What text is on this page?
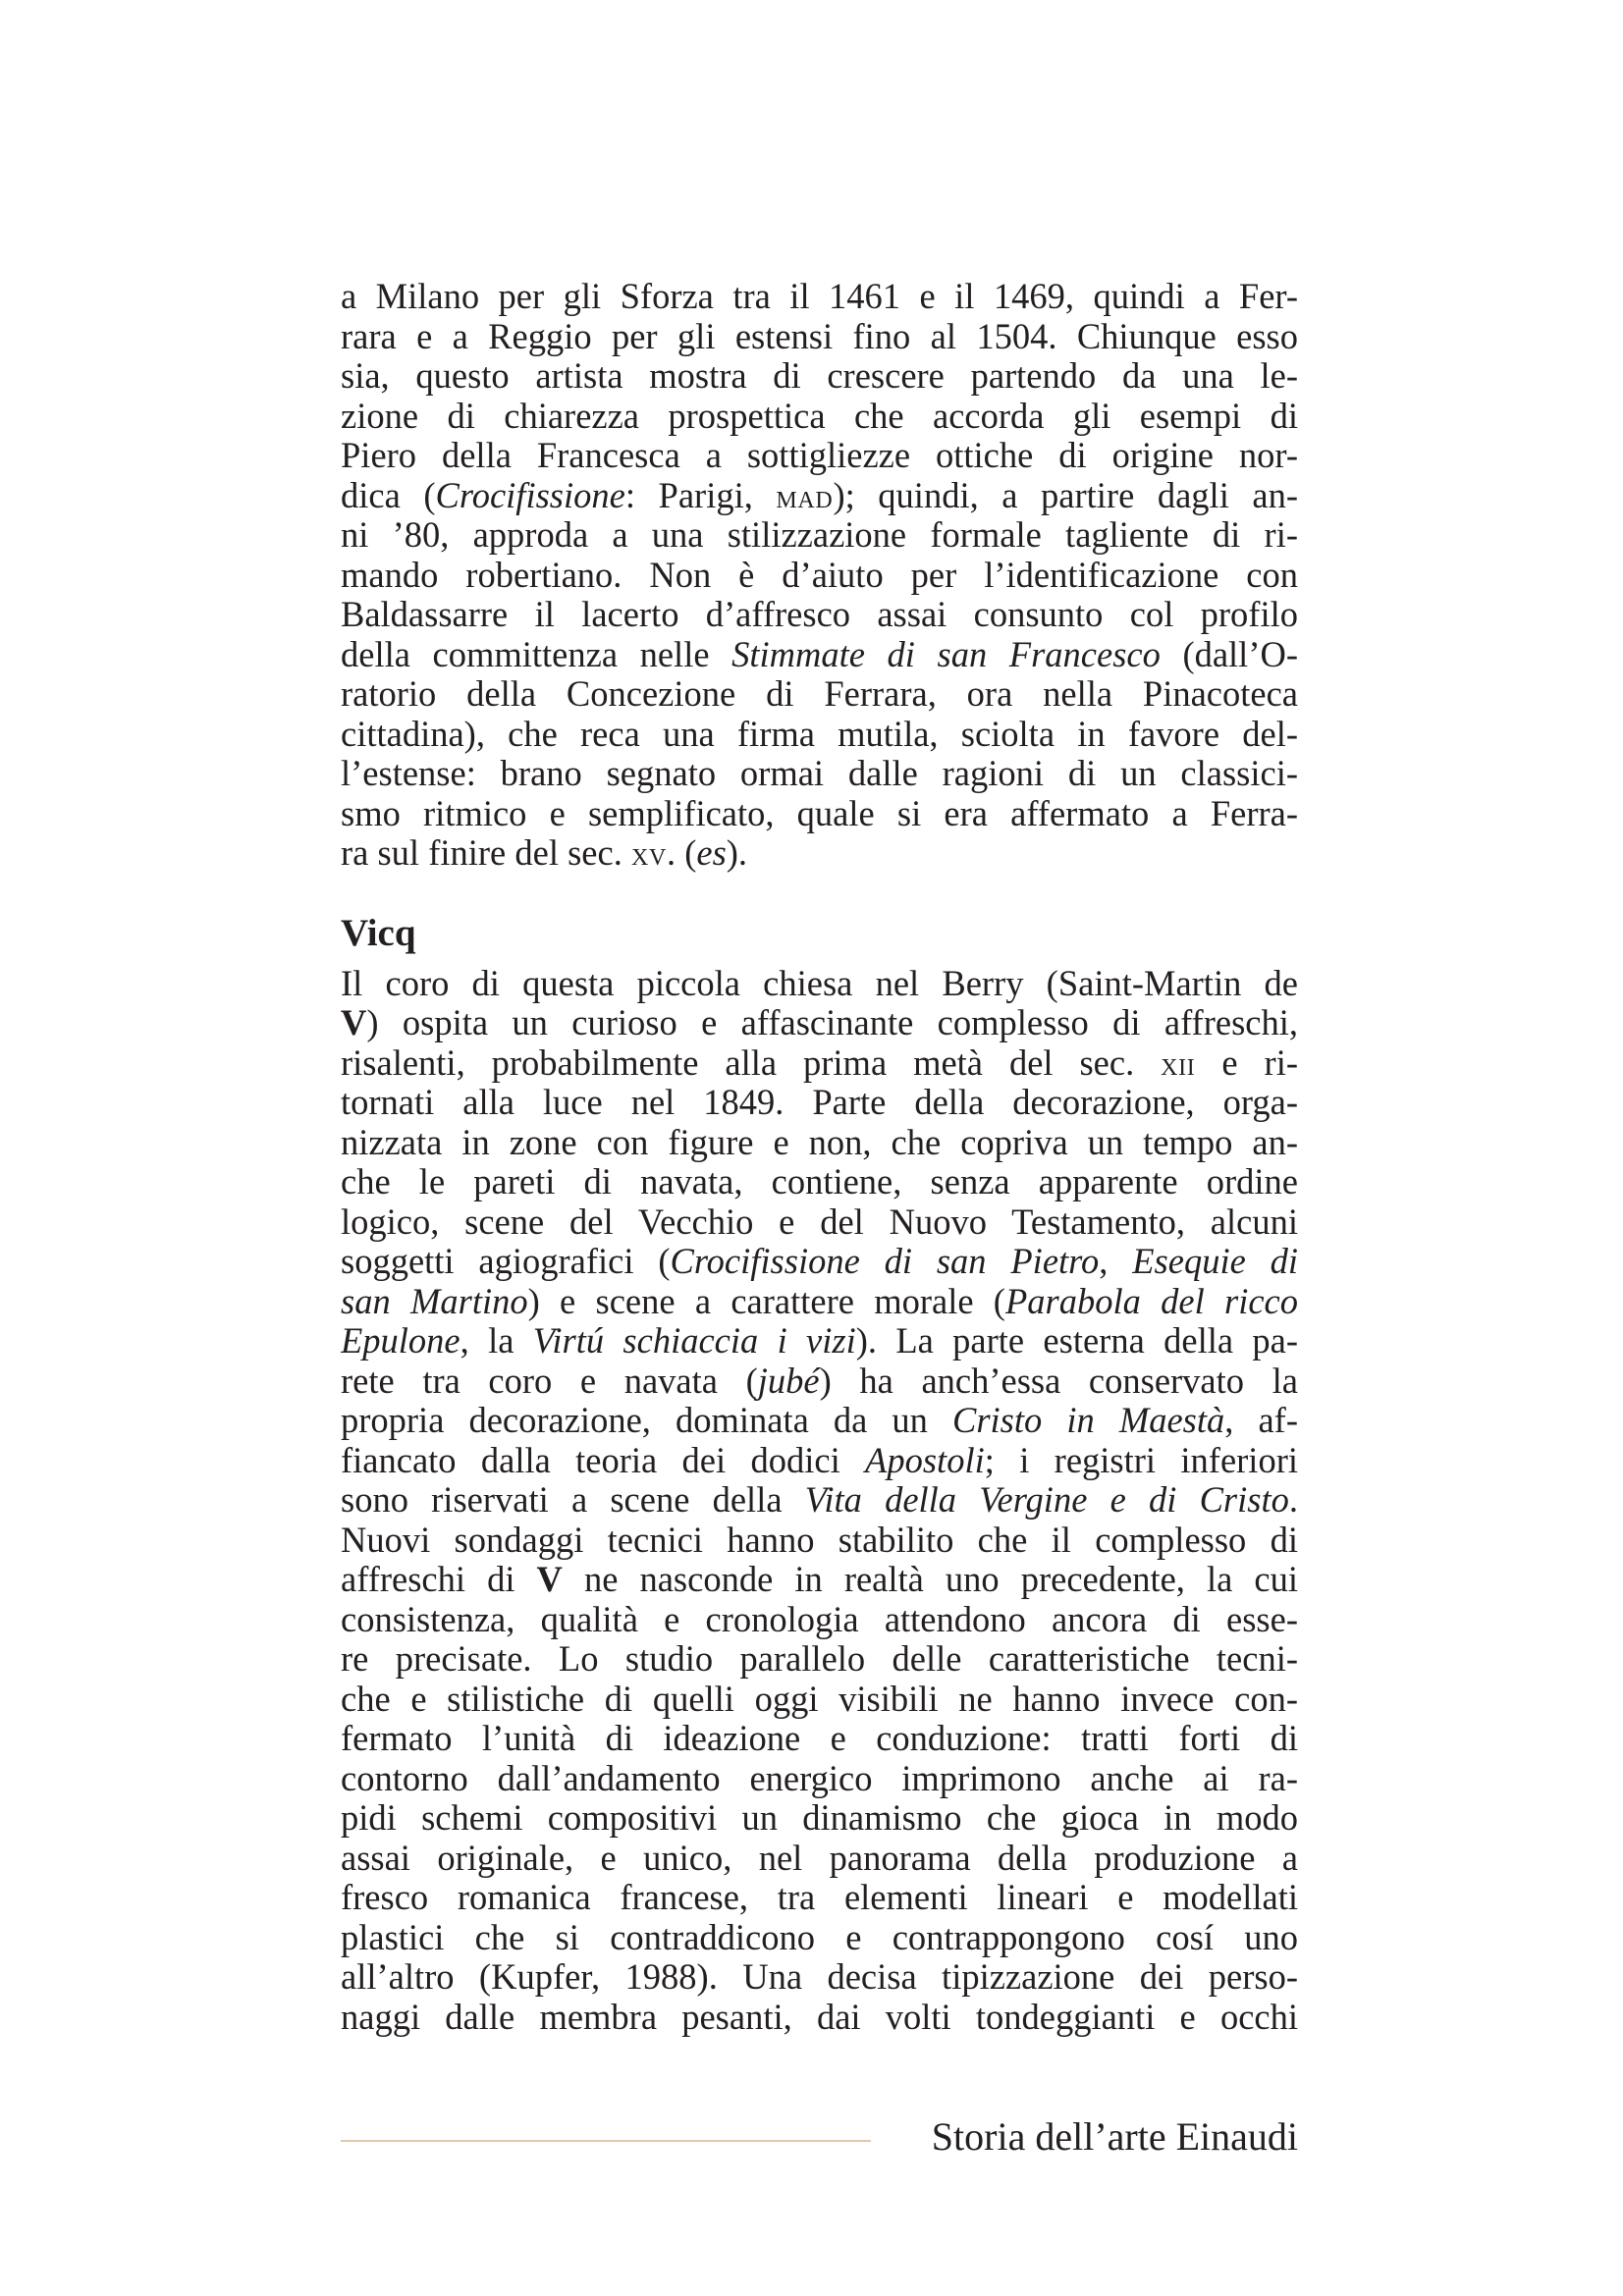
a Milano per gli Sforza tra il 1461 e il 1469, quindi a Fer-
rara e a Reggio per gli estensi fino al 1504. Chiunque esso
sia, questo artista mostra di crescere partendo da una le-
zione di chiarezza prospettica che accorda gli esempi di
Piero della Francesca a sottigliezze ottiche di origine nor-
dica (Crocifissione: Parigi, mad); quindi, a partire dagli an-
ni ’80, approda a una stilizzazione formale tagliente di ri-
mando robertiano. Non è d’aiuto per l’identificazione con
Baldassarre il lacerto d’affresco assai consunto col profilo
della committenza nelle Stimmate di san Francesco (dall’O-
ratorio della Concezione di Ferrara, ora nella Pinacoteca
cittadina), che reca una firma mutila, sciolta in favore del-
l’estense: brano segnato ormai dalle ragioni di un classici-
smo ritmico e semplificato, quale si era affermato a Ferra-
ra sul finire del sec. xv. (es).
Vicq
Il coro di questa piccola chiesa nel Berry (Saint-Martin de
V) ospita un curioso e affascinante complesso di affreschi,
risalenti, probabilmente alla prima metà del sec. xii e ri-
tornati alla luce nel 1849. Parte della decorazione, orga-
nizzata in zone con figure e non, che copriva un tempo an-
che le pareti di navata, contiene, senza apparente ordine
logico, scene del Vecchio e del Nuovo Testamento, alcuni
soggetti agiografici (Crocifissione di san Pietro, Esequie di
san Martino) e scene a carattere morale (Parabola del ricco
Epulone, la Virtú schiaccia i vizi). La parte esterna della pa-
rete tra coro e navata (jubé) ha anch’essa conservato la
propria decorazione, dominata da un Cristo in Maestà, af-
fiancato dalla teoria dei dodici Apostoli; i registri inferiori
sono riservati a scene della Vita della Vergine e di Cristo.
Nuovi sondaggi tecnici hanno stabilito che il complesso di
affreschi di V ne nasconde in realtà uno precedente, la cui
consistenza, qualità e cronologia attendono ancora di esse-
re precisate. Lo studio parallelo delle caratteristiche tecni-
che e stilistiche di quelli oggi visibili ne hanno invece con-
fermato l’unità di ideazione e conduzione: tratti forti di
contorno dall’andamento energico imprimono anche ai ra-
pidi schemi compositivi un dinamismo che gioca in modo
assai originale, e unico, nel panorama della produzione a
fresco romanica francese, tra elementi lineari e modellati
plastici che si contraddicono e contrappongono cosí uno
all’altro (Kupfer, 1988). Una decisa tipizzazione dei perso-
naggi dalle membra pesanti, dai volti tondeggianti e occhi
Storia dell’arte Einaudi
